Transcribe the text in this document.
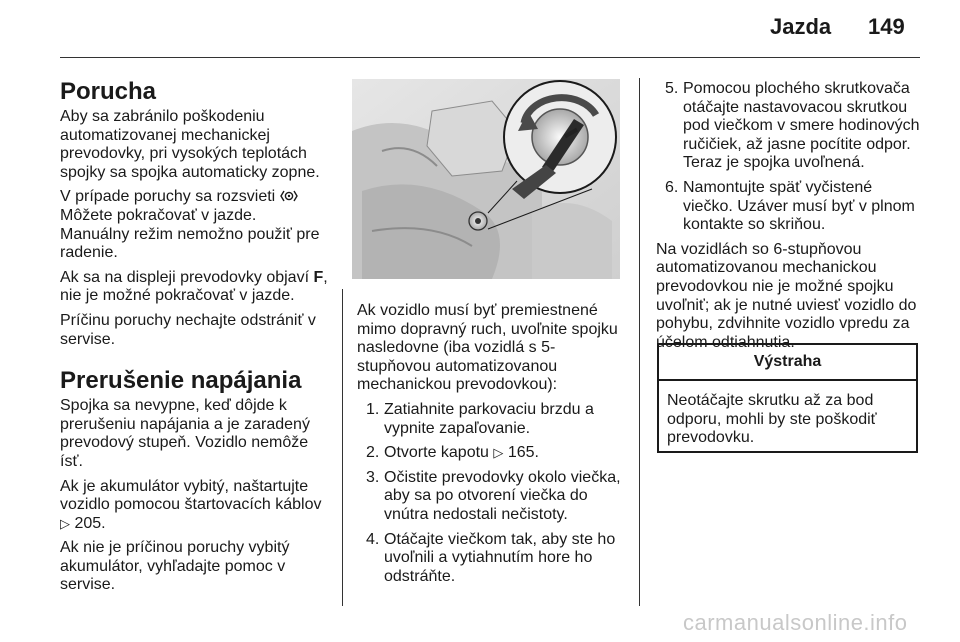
Jazda 149
Porucha

Aby sa zabránilo poškodeniu automatizovanej mechanickej prevodovky, pri vysokých teplotách spojky sa spojka automaticky zopne.

V prípade poruchy sa rozsvieti
Môžete pokračovať v jazde. Manuálny režim nemožno použiť pre radenie.

Ak sa na displeji prevodovky objaví F, nie je možné pokračovať v jazde.

Príčinu poruchy nechajte odstrániť v servise.

Prerušenie napájania

Spojka sa nevypne, keď dôjde k prerušeniu napájania a je zaradený prevodový stupeň. Vozidlo nemôže ísť.

Ak je akumulátor vybitý, naštartujte vozidlo pomocou štartovacích káblov ▷ 205.

Ak nie je príčinou poruchy vybitý akumulátor, vyhľadajte pomoc v servise.

Ak vozidlo musí byť premiestnené mimo dopravný ruch, uvoľnite spojku nasledovne (iba vozidlá s 5-stupňovou automatizovanou mechanickou prevodovkou):

1. Zatiahnite parkovaciu brzdu a vypnite zapaľovanie.
2. Otvorte kapotu ▷ 165.
3. Očistite prevodovky okolo viečka, aby sa po otvorení viečka do vnútra nedostali nečistoty.
4. Otáčajte viečkom tak, aby ste ho uvoľnili a vytiahnutím hore ho odstráňte.
5. Pomocou plochého skrutkovača otáčajte nastavovacou skrutkou pod viečkom v smere hodinových ručičiek, až jasne pocítite odpor. Teraz je spojka uvoľnená.
6. Namontujte späť vyčistené viečko. Uzáver musí byť v plnom kontakte so skriňou.

Na vozidlách so 6-stupňovou automatizovanou mechanickou prevodovkou nie je možné spojku uvoľniť; ak je nutné uviesť vozidlo do pohybu, zdvihnite vozidlo vpredu za účelom odtiahnutia.

Výstraha
Neotáčajte skrutku až za bod odporu, mohli by ste poškodiť prevodovku.
carmanualsonline.info
